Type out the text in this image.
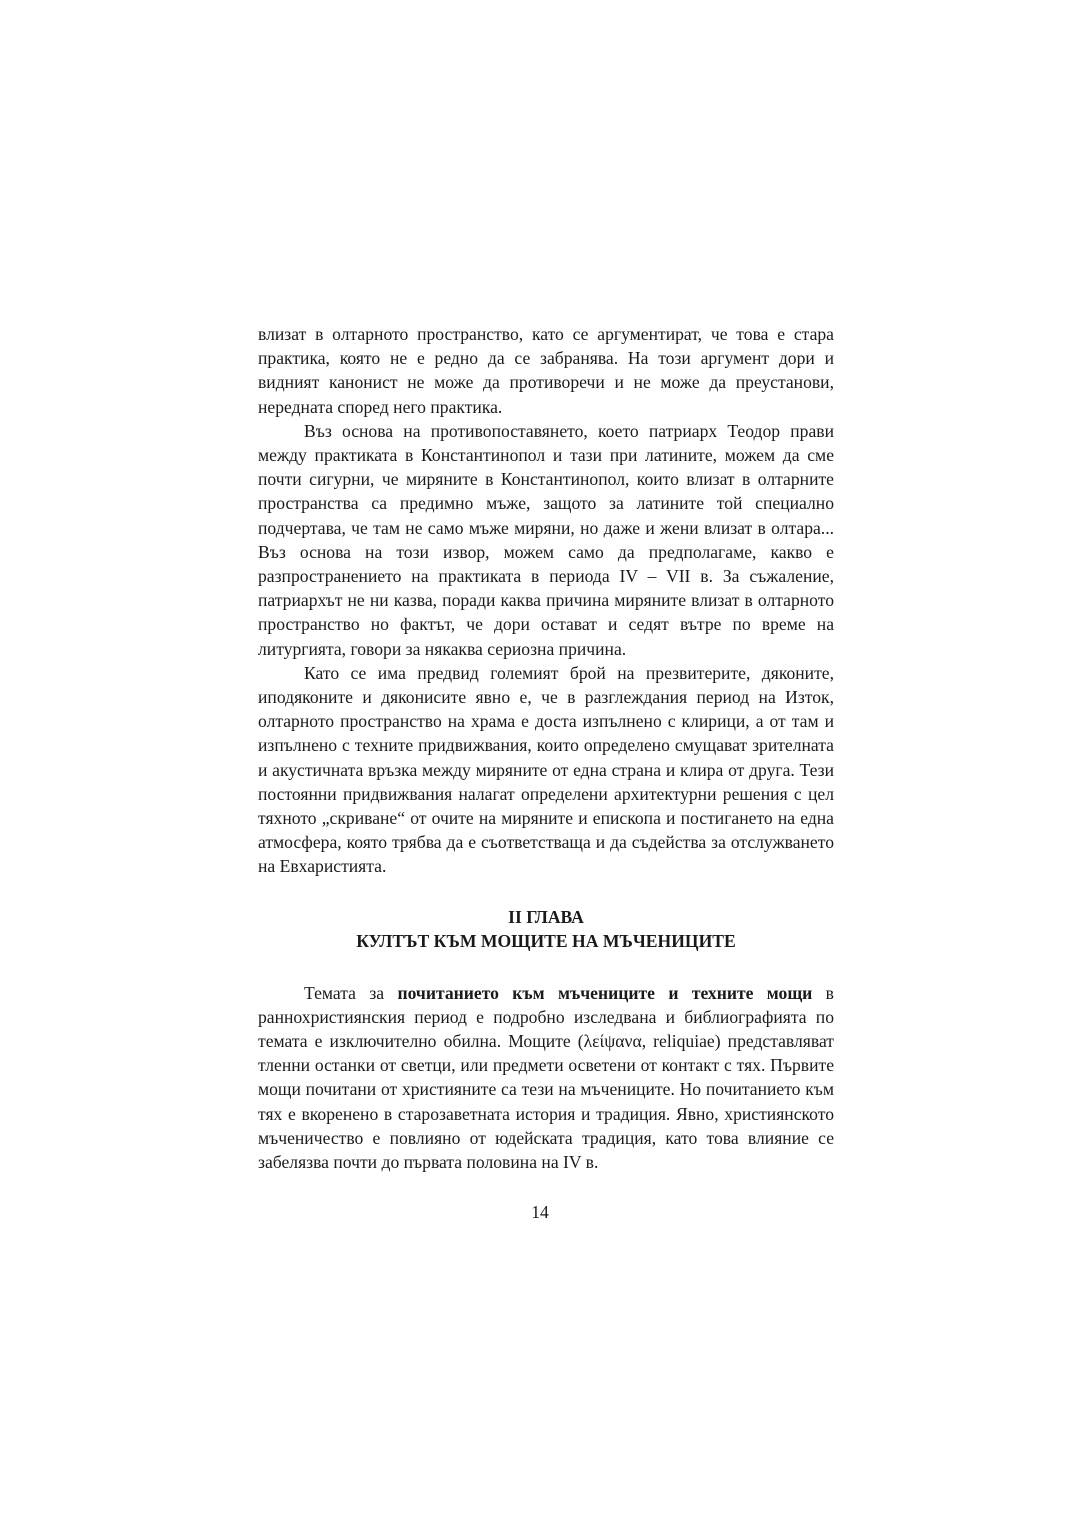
влизат в олтарното пространство, като се аргументират, че това е стара практика, която не е редно да се забранява. На този аргумент дори и видният канонист не може да противоречи и не може да преустанови, нередната според него практика.

Въз основа на противопоставянето, което патриарх Теодор прави между практиката в Константинопол и тази при латините, можем да сме почти сигурни, че миряните в Константинопол, които влизат в олтарните пространства са предимно мъже, защото за латините той специално подчертава, че там не само мъже миряни, но даже и жени влизат в олтара... Въз основа на този извор, можем само да предполагаме, какво е разпространението на практиката в периода IV – VII в. За съжаление, патриархът не ни казва, поради каква причина миряните влизат в олтарното пространство но фактът, че дори остават и седят вътре по време на литургията, говори за някаква сериозна причина.

Като се има предвид големият брой на презвитерите, дяконите, иподяконите и дяконисите явно е, че в разглеждания период на Изток, олтарното пространство на храма е доста изпълнено с клирици, а от там и изпълнено с техните придвижвания, които определено смущават зрителната и акустичната връзка между миряните от една страна и клира от друга. Тези постоянни придвижвания налагат определени архитектурни решения с цел тяхното „скриване“ от очите на миряните и епископа и постигането на една атмосфера, която трябва да е съответстваща и да съдейства за отслужването на Евхаристията.

II ГЛАВА
КУЛТЪТ КЪМ МОЩИТЕ НА МЪЧЕНИЦИТЕ

Темата за почитанието към мъчениците и техните мощи в раннохристиянския период е подробно изследвана и библиографията по темата е изключително обилна. Мощите (λείψανα, reliquiae) представляват тленни останки от светци, или предмети осветени от контакт с тях. Първите мощи почитани от християните са тези на мъчениците. Но почитанието към тях е вкоренено в старозаветната история и традиция. Явно, християнското мъченичество е повлияно от юдейската традиция, като това влияние се забелязва почти до първата половина на IV в.

14
